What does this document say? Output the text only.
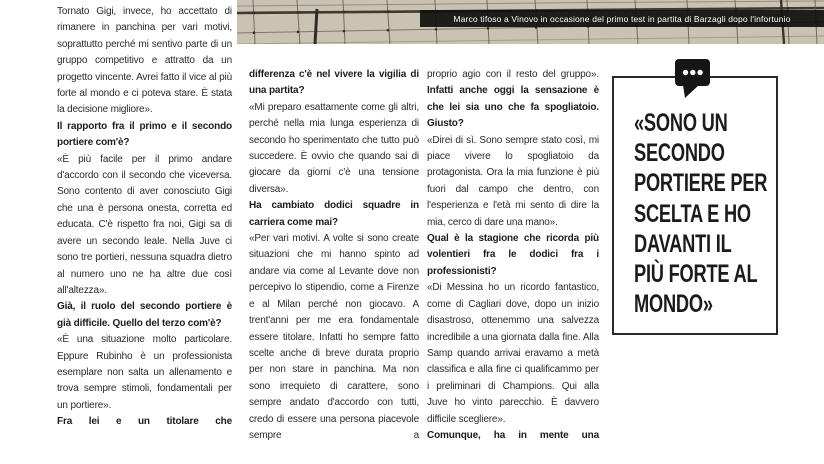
Marco tifoso a Vinovo in occasione del primo test in partita di Barzagli dopo l'infortunio

Tornato Gigi, invece, ho accettato di rimanere in panchina per vari motivi, soprattutto perché mi sentivo parte di un gruppo competitivo e attratto da un progetto vincente. Avrei fatto il vice al più forte al mondo e ci poteva stare. È stata la decisione migliore».

Il rapporto fra il primo e il secondo portiere com'è?

«È più facile per il primo andare d'accordo con il secondo che viceversa. Sono contento di aver conosciuto Gigi che una è persona onesta, corretta ed educata. C'è rispetto fra noi, Gigi sa di avere un secondo leale. Nella Juve ci sono tre portieri, nessuna squadra dietro al numero uno ne ha altre due così all'altezza».

Già, il ruolo del secondo portiere è già difficile. Quello del terzo com'è?

«È una situazione molto particolare. Eppure Rubinho è un professionista esemplare non salta un allenamento e trova sempre stimoli, fondamentali per un portiere».

Fra lei e un titolare che

differenza c'è nel vivere la vigilia di una partita?

«Mi preparo esattamente come gli altri, perché nella mia lunga esperienza di secondo ho sperimentato che tutto può succedere. È ovvio che quando sai di giocare da giorni c'è una tensione diversa».

Ha cambiato dodici squadre in carriera come mai?

«Per vari motivi. A volte si sono create situazioni che mi hanno spinto ad andare via come al Levante dove non percepivo lo stipendio, come a Firenze e al Milan perché non giocavo. A trent'anni per me era fondamentale essere titolare. Infatti ho sempre fatto scelte anche di breve durata proprio per non stare in panchina. Ma non sono irrequieto di carattere, sono sempre andato d'accordo con tutti, credo di essere una persona piacevole sempre a

proprio agio con il resto del gruppo».

Infatti anche oggi la sensazione è che lei sia uno che fa spogliatoio. Giusto?

«Direi di sì. Sono sempre stato così, mi piace vivere lo spogliatoio da protagonista. Ora la mia funzione è più fuori dal campo che dentro, con l'esperienza e l'età mi sento di dire la mia, cerco di dare una mano».

Qual è la stagione che ricorda più volentieri fra le dodici fra i professionisti?

«Di Messina ho un ricordo fantastico, come di Cagliari dove, dopo un inizio disastroso, ottenemmo una salvezza incredibile a una giornata dalla fine. Alla Samp quando arrivai eravamo a metà classifica e alla fine ci qualificammo per i preliminari di Champions. Qui alla Juve ho vinto parecchio. È davvero difficile scegliere».

Comunque, ha in mente una

«SONO UN
SECONDO
PORTIERE PER
SCELTA E HO
DAVANTI IL
PIÙ FORTE AL
MONDO»
